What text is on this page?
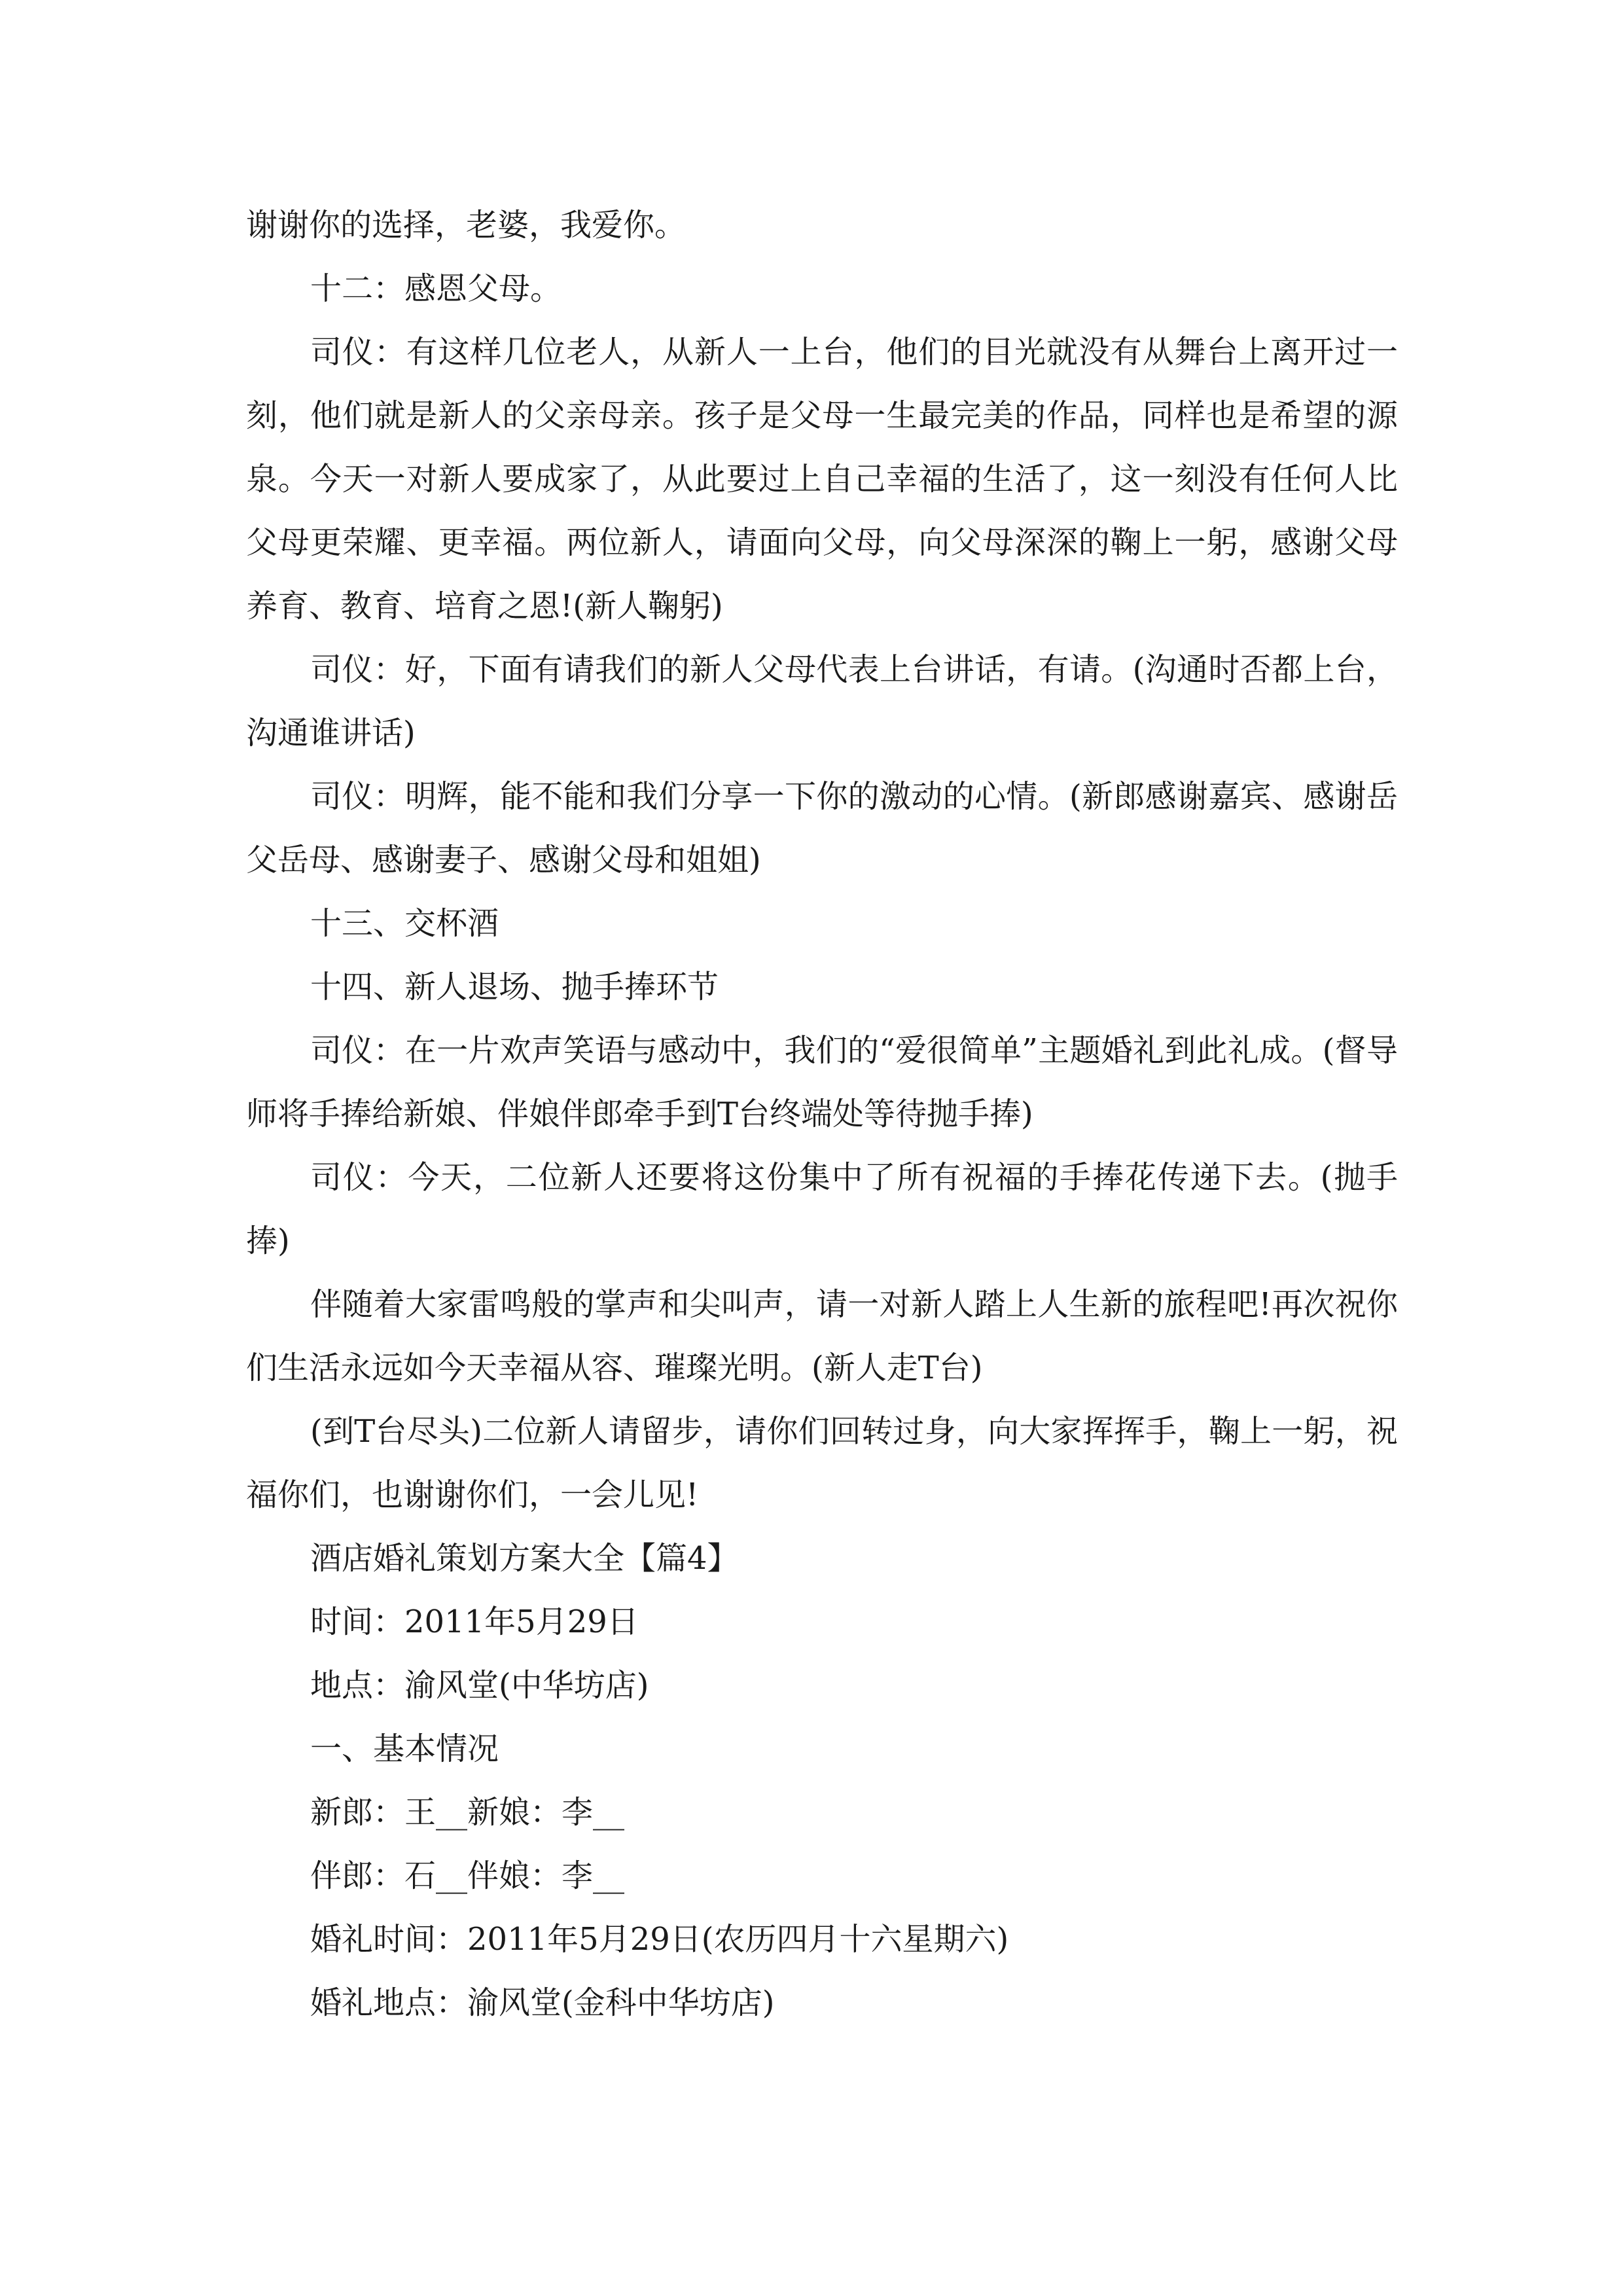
谢谢你的选择，老婆，我爱你。

十二：感恩父母。

司仪：有这样几位老人，从新人一上台，他们的目光就没有从舞台上离开过一刻，他们就是新人的父亲母亲。孩子是父母一生最完美的作品，同样也是希望的源泉。今天一对新人要成家了，从此要过上自己幸福的生活了，这一刻没有任何人比父母更荣耀、更幸福。两位新人，请面向父母，向父母深深的鞠上一躬，感谢父母养育、教育、培育之恩!(新人鞠躬)

司仪：好，下面有请我们的新人父母代表上台讲话，有请。(沟通时否都上台，沟通谁讲话)

司仪：明辉，能不能和我们分享一下你的激动的心情。(新郎感谢嘉宾、感谢岳父岳母、感谢妻子、感谢父母和姐姐)

十三、交杯酒

十四、新人退场、抛手捧环节

司仪：在一片欢声笑语与感动中，我们的“爱很简单”主题婚礼到此礼成。(督导师将手捧给新娘、伴娘伴郎牵手到T台终端处等待抛手捧)

司仪：今天，二位新人还要将这份集中了所有祝福的手捧花传递下去。(抛手捧)

伴随着大家雷鸣般的掌声和尖叫声，请一对新人踏上人生新的旅程吧!再次祝你们生活永远如今天幸福从容、璀璨光明。(新人走T台)

(到T台尽头)二位新人请留步，请你们回转过身，向大家挥挥手，鞠上一躬，祝福你们，也谢谢你们，一会儿见!

酒店婚礼策划方案大全【篇4】

时间：2011年5月29日

地点：渝风堂(中华坊店)

一、基本情况

新郎：王__新娘：李__

伴郎：石__伴娘：李__

婚礼时间：2011年5月29日(农历四月十六星期六)

婚礼地点：渝风堂(金科中华坊店)
